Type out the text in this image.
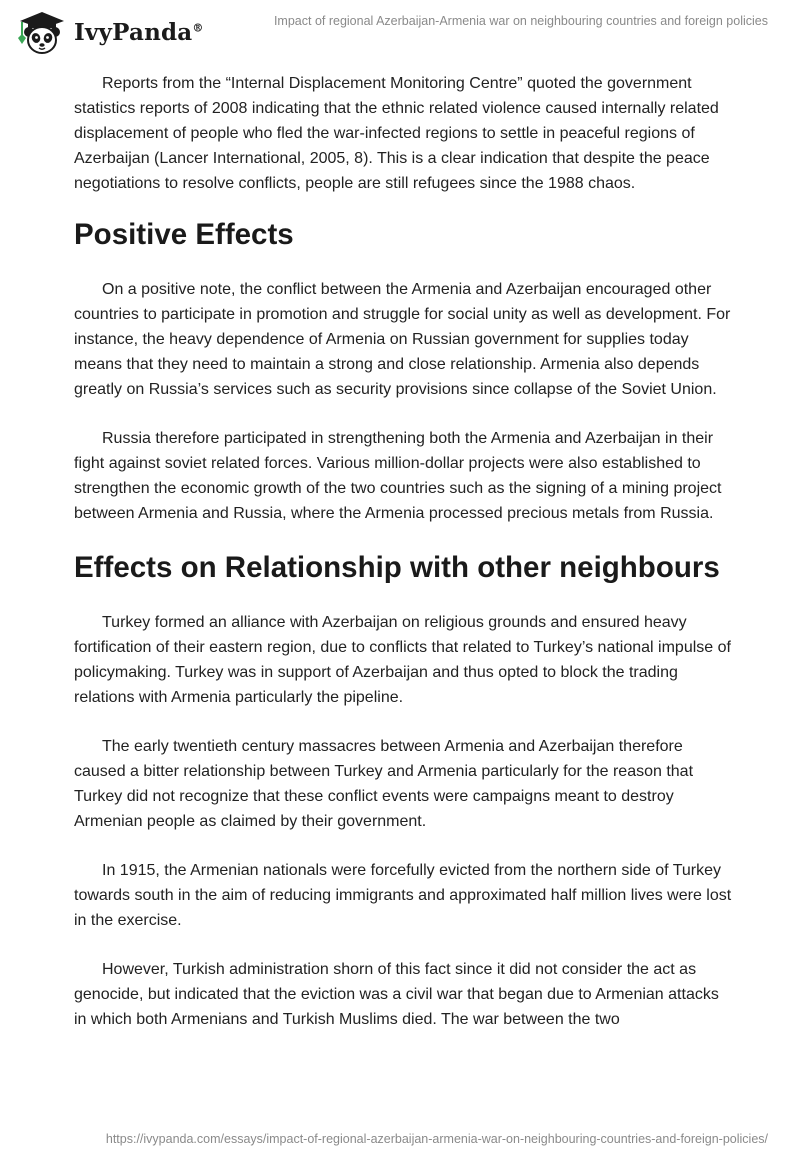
IvyPanda®	Impact of regional Azerbaijan-Armenia war on neighbouring countries and foreign policies

Reports from the “Internal Displacement Monitoring Centre” quoted the government statistics reports of 2008 indicating that the ethnic related violence caused internally related displacement of people who fled the war-infected regions to settle in peaceful regions of Azerbaijan (Lancer International, 2005, 8). This is a clear indication that despite the peace negotiations to resolve conflicts, people are still refugees since the 1988 chaos.

Positive Effects

On a positive note, the conflict between the Armenia and Azerbaijan encouraged other countries to participate in promotion and struggle for social unity as well as development. For instance, the heavy dependence of Armenia on Russian government for supplies today means that they need to maintain a strong and close relationship. Armenia also depends greatly on Russia’s services such as security provisions since collapse of the Soviet Union.

Russia therefore participated in strengthening both the Armenia and Azerbaijan in their fight against soviet related forces. Various million-dollar projects were also established to strengthen the economic growth of the two countries such as the signing of a mining project between Armenia and Russia, where the Armenia processed precious metals from Russia.

Effects on Relationship with other neighbours

Turkey formed an alliance with Azerbaijan on religious grounds and ensured heavy fortification of their eastern region, due to conflicts that related to Turkey’s national impulse of policymaking. Turkey was in support of Azerbaijan and thus opted to block the trading relations with Armenia particularly the pipeline.

The early twentieth century massacres between Armenia and Azerbaijan therefore caused a bitter relationship between Turkey and Armenia particularly for the reason that Turkey did not recognize that these conflict events were campaigns meant to destroy Armenian people as claimed by their government.

In 1915, the Armenian nationals were forcefully evicted from the northern side of Turkey towards south in the aim of reducing immigrants and approximated half million lives were lost in the exercise.

However, Turkish administration shorn of this fact since it did not consider the act as genocide, but indicated that the eviction was a civil war that began due to Armenian attacks in which both Armenians and Turkish Muslims died. The war between the two

https://ivypanda.com/essays/impact-of-regional-azerbaijan-armenia-war-on-neighbouring-countries-and-foreign-policies/
